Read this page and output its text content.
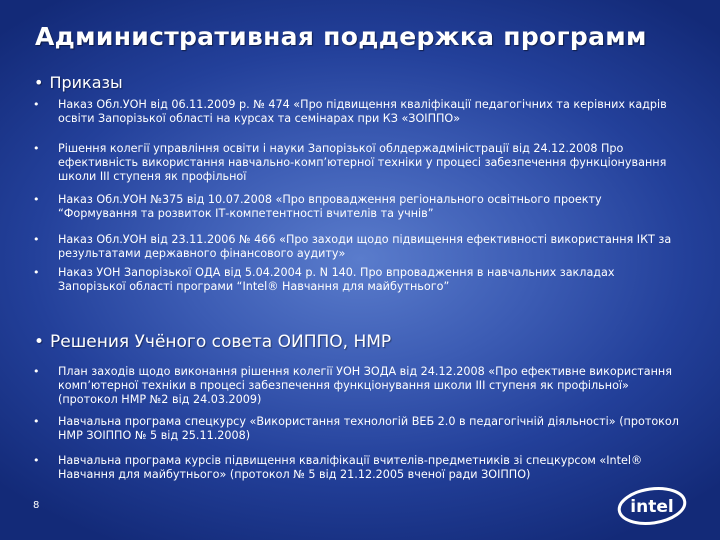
Административная поддержка программ
• Приказы
• Наказ Обл.УОН від 06.11.2009 р. № 474 «Про підвищення кваліфікації педагогічних та керівних кадрів освіти Запорізької області на курсах та семінарах при КЗ «ЗОІППО»
• Рішення колегії управління освіти і науки Запорізької облдержадміністрації від 24.12.2008 Про ефективність використання навчально-комп’ютерної техніки у процесі забезпечення функціонування школи ІІІ ступеня як профільної
• Наказ Обл.УОН №375 від 10.07.2008 «Про впровадження регіонального освітнього проекту “Формування та розвиток ІТ-компетентності вчителів та учнів”
• Наказ Обл.УОН від 23.11.2006 № 466 «Про заходи щодо підвищення ефективності використання ІКТ за результатами державного фінансового аудиту»
• Наказ УОН Запорізької ОДА від 5.04.2004 р. N 140. Про впровадження в навчальних закладах Запорізької області програми “Intel® Навчання для майбутнього”
• Решения Учёного совета ОИППО, НМР
• План заходів щодо виконання рішення колегії УОН ЗОДА від 24.12.2008 «Про ефективне використання комп’ютерної техніки в процесі забезпечення функціонування школи ІІІ ступеня як профільної» (протокол НМР №2 від 24.03.2009)
• Навчальна програма спецкурсу «Використання технологій ВЕБ 2.0 в педагогічній діяльності» (протокол НМР ЗОІППО № 5 від 25.11.2008)
• Навчальна програма курсів підвищення кваліфікації вчителів-предметників зі спецкурсом «Intel® Навчання для майбутнього» (протокол № 5 від 21.12.2005 вченої ради ЗОІППО)
8	intel
